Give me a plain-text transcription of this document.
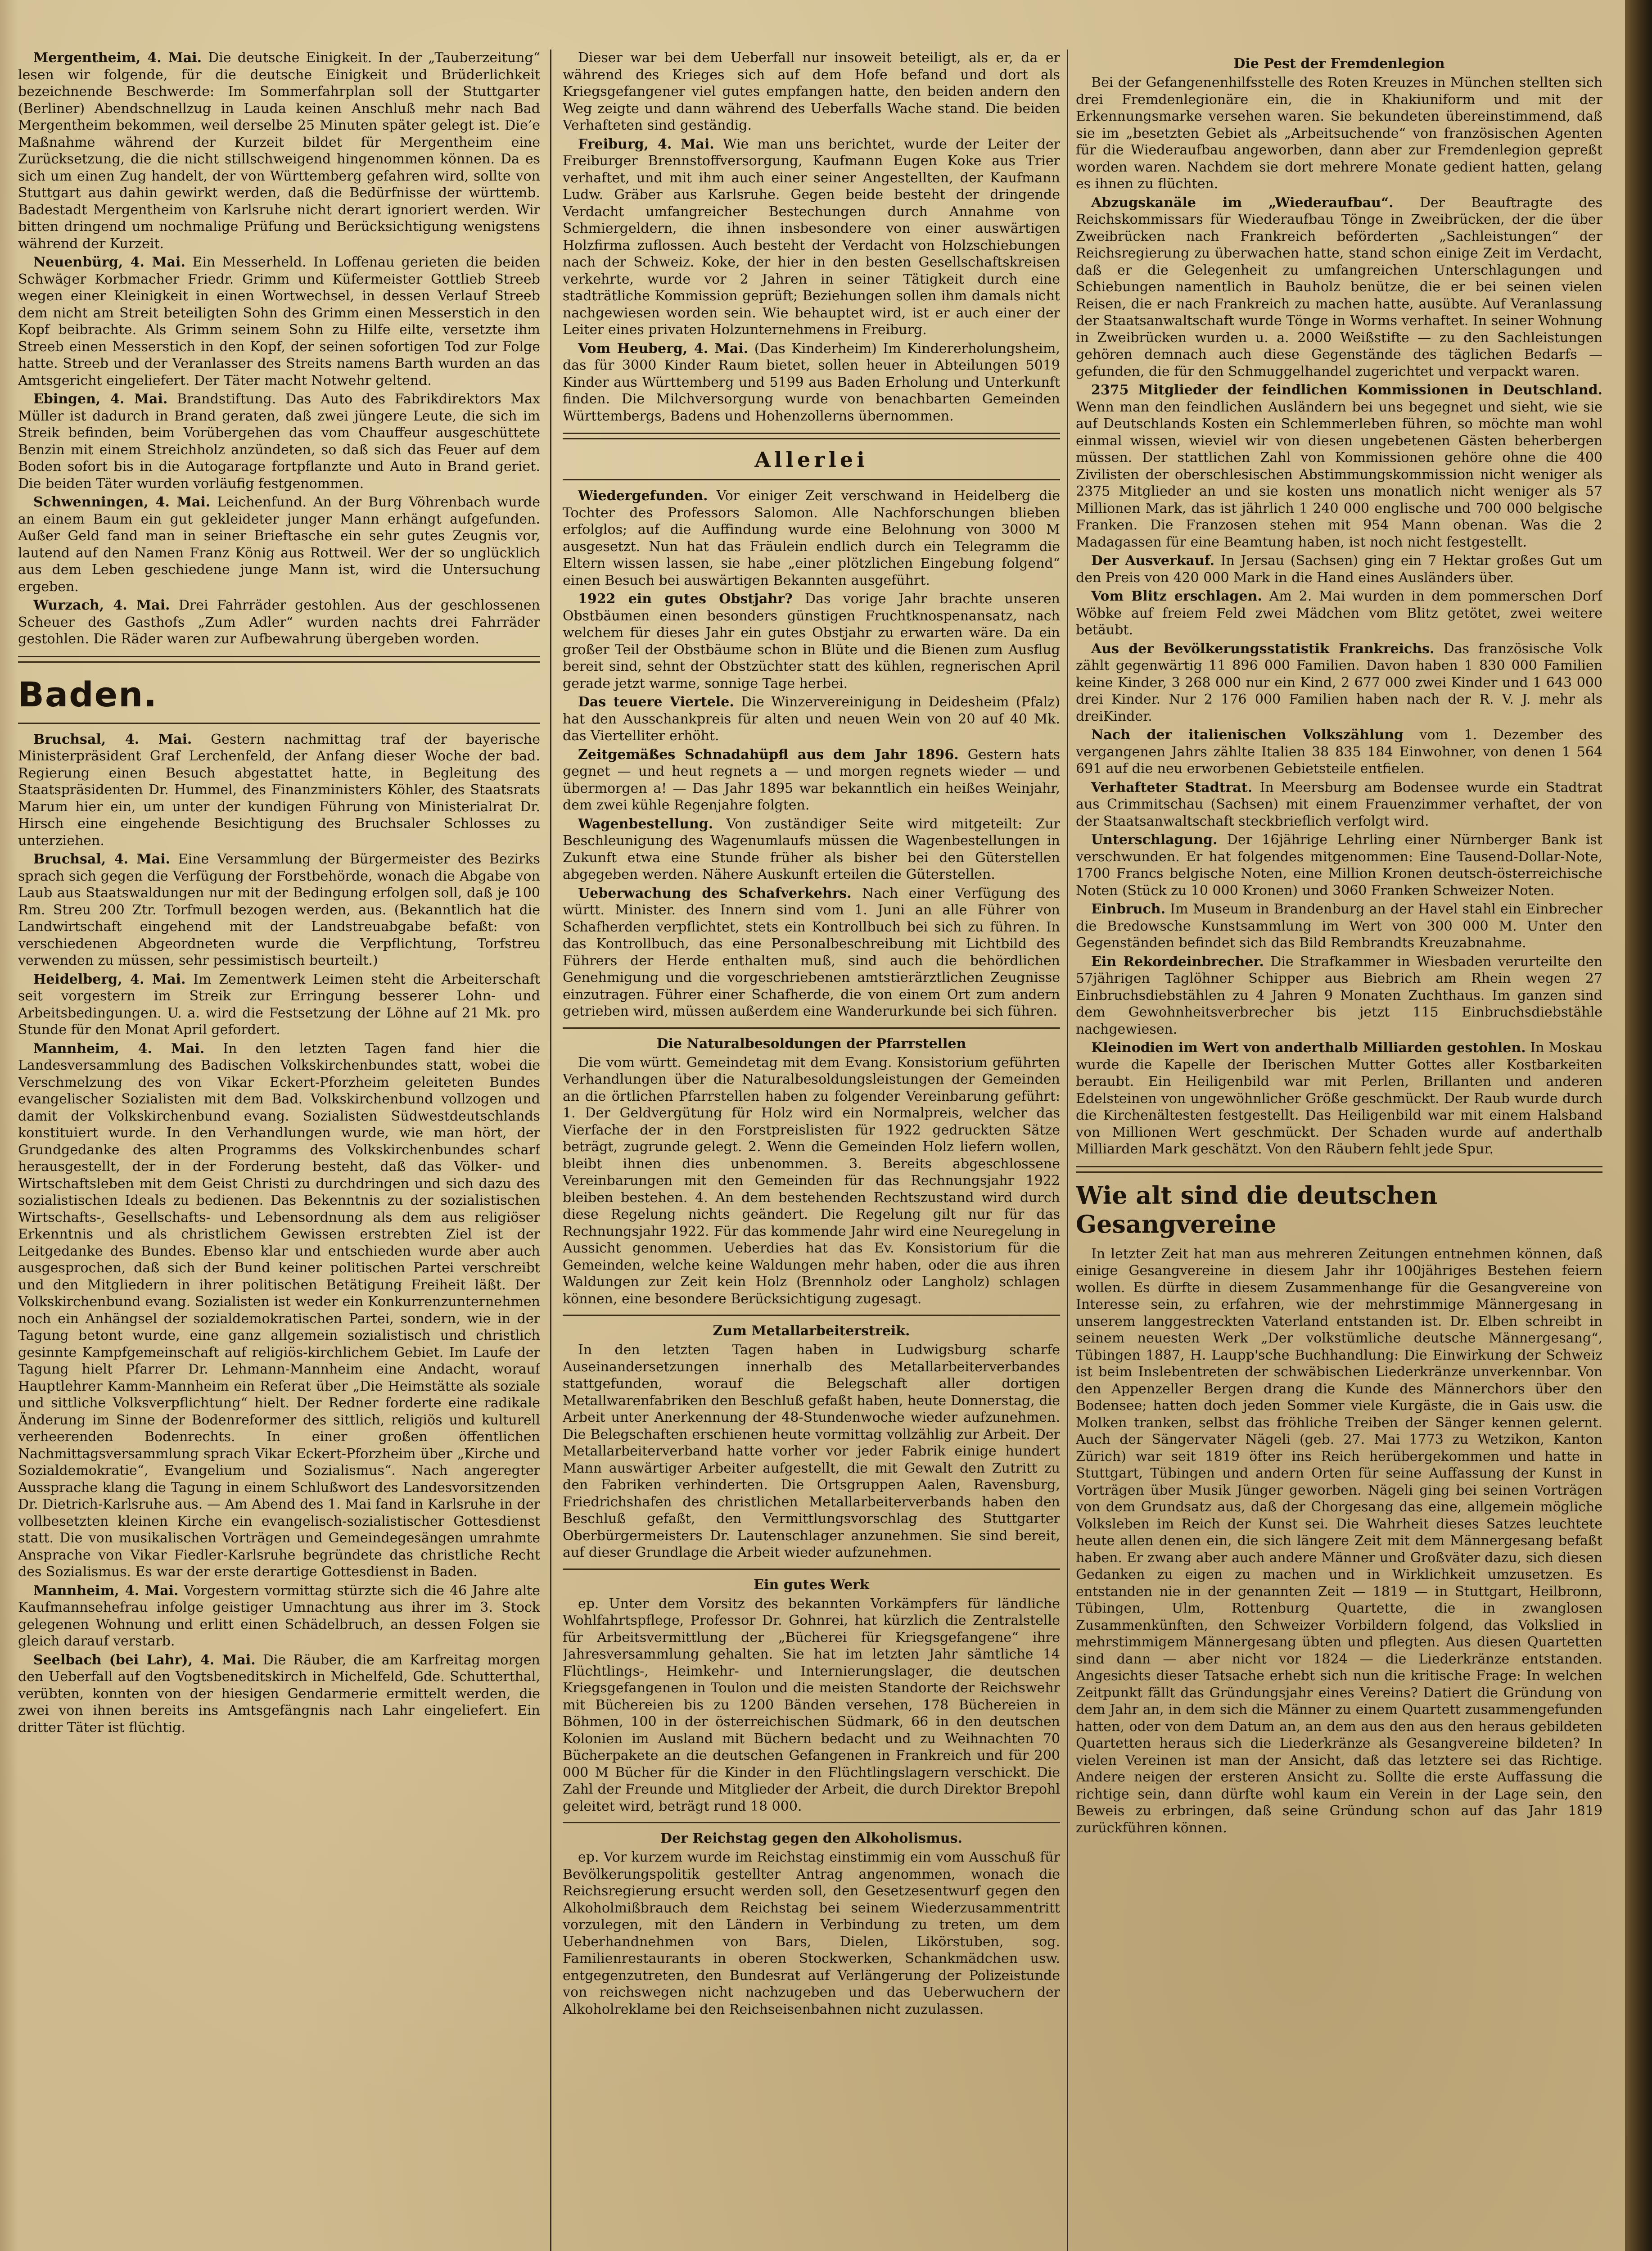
Mergentheim, 4. Mai. Die deutsche Einigkeit. In der „Tauberzeitung“ lesen wir folgende, für die deutsche Einigkeit und Brüderlichkeit bezeichnende Beschwerde: Im Sommerfahrplan soll der Stuttgarter (Berliner) Abendschnellzug in Lauda keinen Anschluß mehr nach Bad Mergentheim bekommen, weil derselbe 25 Minuten später gelegt ist. Die’e Maßnahme während der Kurzeit bildet für Mergentheim eine Zurücksetzung, die die nicht stillschweigend hingenommen können. Da es sich um einen Zug handelt, der von Württemberg gefahren wird, sollte von Stuttgart aus dahin gewirkt werden, daß die Bedürfnisse der württemb. Badestadt Mergentheim von Karlsruhe nicht derart ignoriert werden. Wir bitten dringend um nochmalige Prüfung und Berücksichtigung wenigstens während der Kurzeit.

Neuenbürg, 4. Mai. Ein Messerheld. In Loffenau gerieten die beiden Schwäger Korbmacher Friedr. Grimm und Küfermeister Gottlieb Streeb wegen einer Kleinigkeit in einen Wortwechsel, in dessen Verlauf Streeb dem nicht am Streit beteiligten Sohn des Grimm einen Messerstich in den Kopf beibrachte. Als Grimm seinem Sohn zu Hilfe eilte, versetzte ihm Streeb einen Messerstich in den Kopf, der seinen sofortigen Tod zur Folge hatte. Streeb und der Veranlasser des Streits namens Barth wurden an das Amtsgericht eingeliefert. Der Täter macht Notwehr geltend.

Ebingen, 4. Mai. Brandstiftung. Das Auto des Fabrikdirektors Max Müller ist dadurch in Brand geraten, daß zwei jüngere Leute, die sich im Streik befinden, beim Vorübergehen das vom Chauffeur ausgeschüttete Benzin mit einem Streichholz anzündeten, so daß sich das Feuer auf dem Boden sofort bis in die Autogarage fortpflanzte und Auto in Brand geriet. Die beiden Täter wurden vorläufig festgenommen.

Schwenningen, 4. Mai. Leichenfund. An der Burg Vöhrenbach wurde an einem Baum ein gut gekleideter junger Mann erhängt aufgefunden. Außer Geld fand man in seiner Brieftasche ein sehr gutes Zeugnis vor, lautend auf den Namen Franz König aus Rottweil. Wer der so unglücklich aus dem Leben geschiedene junge Mann ist, wird die Untersuchung ergeben.

Wurzach, 4. Mai. Drei Fahrräder gestohlen. Aus der geschlossenen Scheuer des Gasthofs „Zum Adler“ wurden nachts drei Fahrräder gestohlen. Die Räder waren zur Aufbewahrung übergeben worden.

Baden.

Bruchsal, 4. Mai. Gestern nachmittag traf der bayerische Ministerpräsident Graf Lerchenfeld, der Anfang dieser Woche der bad. Regierung einen Besuch abgestattet hatte, in Begleitung des Staatspräsidenten Dr. Hummel, des Finanzministers Köhler, des Staatsrats Marum hier ein, um unter der kundigen Führung von Ministerialrat Dr. Hirsch eine eingehende Besichtigung des Bruchsaler Schlosses zu unterziehen.

Bruchsal, 4. Mai. Eine Versammlung der Bürgermeister des Bezirks sprach sich gegen die Verfügung der Forstbehörde, wonach die Abgabe von Laub aus Staatswaldungen nur mit der Bedingung erfolgen soll, daß je 100 Rm. Streu 200 Ztr. Torfmull bezogen werden, aus. (Bekanntlich hat die Landwirtschaft eingehend mit der Landstreuabgabe befaßt: von verschiedenen Abgeordneten wurde die Verpflichtung, Torfstreu verwenden zu müssen, sehr pessimistisch beurteilt.)

Heidelberg, 4. Mai. Im Zementwerk Leimen steht die Arbeiterschaft seit vorgestern im Streik zur Erringung besserer Lohn- und Arbeitsbedingungen. U. a. wird die Festsetzung der Löhne auf 21 Mk. pro Stunde für den Monat April gefordert.

Mannheim, 4. Mai. In den letzten Tagen fand hier die Landesversammlung des Badischen Volkskirchenbundes statt, wobei die Verschmelzung des von Vikar Eckert-Pforzheim geleiteten Bundes evangelischer Sozialisten mit dem Bad. Volkskirchenbund vollzogen und damit der Volkskirchenbund evang. Sozialisten Südwestdeutschlands konstituiert wurde. In den Verhandlungen wurde, wie man hört, der Grundgedanke des alten Programms des Volkskirchenbundes scharf herausgestellt, der in der Forderung besteht, daß das Völker- und Wirtschaftsleben mit dem Geist Christi zu durchdringen und sich dazu des sozialistischen Ideals zu bedienen. Das Bekenntnis zu der sozialistischen Wirtschafts-, Gesellschafts- und Lebensordnung als dem aus religiöser Erkenntnis und als christlichem Gewissen erstrebten Ziel ist der Leitgedanke des Bundes. Ebenso klar und entschieden wurde aber auch ausgesprochen, daß sich der Bund keiner politischen Partei verschreibt und den Mitgliedern in ihrer politischen Betätigung Freiheit läßt. Der Volkskirchenbund evang. Sozialisten ist weder ein Konkurrenzunternehmen noch ein Anhängsel der sozialdemokratischen Partei, sondern, wie in der Tagung betont wurde, eine ganz allgemein sozialistisch und christlich gesinnte Kampfgemeinschaft auf religiös-kirchlichem Gebiet. Im Laufe der Tagung hielt Pfarrer Dr. Lehmann-Mannheim eine Andacht, worauf Hauptlehrer Kamm-Mannheim ein Referat über „Die Heimstätte als soziale und sittliche Volksverpflichtung“ hielt. Der Redner forderte eine radikale Änderung im Sinne der Bodenreformer des sittlich, religiös und kulturell verheerenden Bodenrechts. In einer großen öffentlichen Nachmittagsversammlung sprach Vikar Eckert-Pforzheim über „Kirche und Sozialdemokratie“, Evangelium und Sozialismus“. Nach angeregter Aussprache klang die Tagung in einem Schlußwort des Landesvorsitzenden Dr. Dietrich-Karlsruhe aus. — Am Abend des 1. Mai fand in Karlsruhe in der vollbesetzten kleinen Kirche ein evangelisch-sozialistischer Gottesdienst statt. Die von musikalischen Vorträgen und Gemeindegesängen umrahmte Ansprache von Vikar Fiedler-Karlsruhe begründete das christliche Recht des Sozialismus. Es war der erste derartige Gottesdienst in Baden.

Mannheim, 4. Mai. Vorgestern vormittag stürzte sich die 46 Jahre alte Kaufmannsehefrau infolge geistiger Umnachtung aus ihrer im 3. Stock gelegenen Wohnung und erlitt einen Schädelbruch, an dessen Folgen sie gleich darauf verstarb.

Seelbach (bei Lahr), 4. Mai. Die Räuber, die am Karfreitag morgen den Ueberfall auf den Vogtsbeneditskirch in Michelfeld, Gde. Schutterthal, verübten, konnten von der hiesigen Gendarmerie ermittelt werden, die zwei von ihnen bereits ins Amtsgefängnis nach Lahr eingeliefert. Ein dritter Täter ist flüchtig.

Dieser war bei dem Ueberfall nur insoweit beteiligt, als er, da er während des Krieges sich auf dem Hofe befand und dort als Kriegsgefangener viel gutes empfangen hatte, den beiden andern den Weg zeigte und dann während des Ueberfalls Wache stand. Die beiden Verhafteten sind geständig.

Freiburg, 4. Mai. Wie man uns berichtet, wurde der Leiter der Freiburger Brennstoffversorgung, Kaufmann Eugen Koke aus Trier verhaftet, und mit ihm auch einer seiner Angestellten, der Kaufmann Ludw. Gräber aus Karlsruhe. Gegen beide besteht der dringende Verdacht umfangreicher Bestechungen durch Annahme von Schmiergeldern, die ihnen insbesondere von einer auswärtigen Holzfirma zuflossen. Auch besteht der Verdacht von Holzschiebungen nach der Schweiz. Koke, der hier in den besten Gesellschaftskreisen verkehrte, wurde vor 2 Jahren in seiner Tätigkeit durch eine stadträtliche Kommission geprüft; Beziehungen sollen ihm damals nicht nachgewiesen worden sein. Wie behauptet wird, ist er auch einer der Leiter eines privaten Holzunternehmens in Freiburg.

Vom Heuberg, 4. Mai. (Das Kinderheim) Im Kindererholungsheim, das für 3000 Kinder Raum bietet, sollen heuer in Abteilungen 5019 Kinder aus Württemberg und 5199 aus Baden Erholung und Unterkunft finden. Die Milchversorgung wurde von benachbarten Gemeinden Württembergs, Badens und Hohenzollerns übernommen.

Allerlei

Wiedergefunden. Vor einiger Zeit verschwand in Heidelberg die Tochter des Professors Salomon. Alle Nachforschungen blieben erfolglos; auf die Auffindung wurde eine Belohnung von 3000 M ausgesetzt. Nun hat das Fräulein endlich durch ein Telegramm die Eltern wissen lassen, sie habe „einer plötzlichen Eingebung folgend“ einen Besuch bei auswärtigen Bekannten ausgeführt.

1922 ein gutes Obstjahr? Das vorige Jahr brachte unseren Obstbäumen einen besonders günstigen Fruchtknospenansatz, nach welchem für dieses Jahr ein gutes Obstjahr zu erwarten wäre. Da ein großer Teil der Obstbäume schon in Blüte und die Bienen zum Ausflug bereit sind, sehnt der Obstzüchter statt des kühlen, regnerischen April gerade jetzt warme, sonnige Tage herbei.

Das teuere Viertele. Die Winzervereinigung in Deidesheim (Pfalz) hat den Ausschankpreis für alten und neuen Wein von 20 auf 40 Mk. das Viertelliter erhöht.

Zeitgemäßes Schnadahüpfl aus dem Jahr 1896. Gestern hats gegnet — und heut regnets a — und morgen regnets wieder — und übermorgen a! — Das Jahr 1895 war bekanntlich ein heißes Weinjahr, dem zwei kühle Regenjahre folgten.

Wagenbestellung. Von zuständiger Seite wird mitgeteilt: Zur Beschleunigung des Wagenumlaufs müssen die Wagenbestellungen in Zukunft etwa eine Stunde früher als bisher bei den Güterstellen abgegeben werden. Nähere Auskunft erteilen die Güterstellen.

Ueberwachung des Schafverkehrs. Nach einer Verfügung des württ. Minister. des Innern sind vom 1. Juni an alle Führer von Schafherden verpflichtet, stets ein Kontrollbuch bei sich zu führen. In das Kontrollbuch, das eine Personalbeschreibung mit Lichtbild des Führers der Herde enthalten muß, sind auch die behördlichen Genehmigung und die vorgeschriebenen amtstierärztlichen Zeugnisse einzutragen. Führer einer Schafherde, die von einem Ort zum andern getrieben wird, müssen außerdem eine Wanderurkunde bei sich führen.

Die Naturalbesoldungen der Pfarrstellen

Die vom württ. Gemeindetag mit dem Evang. Konsistorium geführten Verhandlungen über die Naturalbesoldungsleistungen der Gemeinden an die örtlichen Pfarrstellen haben zu folgender Vereinbarung geführt: 1. Der Geldvergütung für Holz wird ein Normalpreis, welcher das Vierfache der in den Forstpreislisten für 1922 gedruckten Sätze beträgt, zugrunde gelegt. 2. Wenn die Gemeinden Holz liefern wollen, bleibt ihnen dies unbenommen. 3. Bereits abgeschlossene Vereinbarungen mit den Gemeinden für das Rechnungsjahr 1922 bleiben bestehen. 4. An dem bestehenden Rechtszustand wird durch diese Regelung nichts geändert. Die Regelung gilt nur für das Rechnungsjahr 1922. Für das kommende Jahr wird eine Neuregelung in Aussicht genommen. Ueberdies hat das Ev. Konsistorium für die Gemeinden, welche keine Waldungen mehr haben, oder die aus ihren Waldungen zur Zeit kein Holz (Brennholz oder Langholz) schlagen können, eine besondere Berücksichtigung zugesagt.

Zum Metallarbeiterstreik.

In den letzten Tagen haben in Ludwigsburg scharfe Auseinandersetzungen innerhalb des Metallarbeiterverbandes stattgefunden, worauf die Belegschaft aller dortigen Metallwarenfabriken den Beschluß gefaßt haben, heute Donnerstag, die Arbeit unter Anerkennung der 48-Stundenwoche wieder aufzunehmen. Die Belegschaften erschienen heute vormittag vollzählig zur Arbeit. Der Metallarbeiterverband hatte vorher vor jeder Fabrik einige hundert Mann auswärtiger Arbeiter aufgestellt, die mit Gewalt den Zutritt zu den Fabriken verhinderten. Die Ortsgruppen Aalen, Ravensburg, Friedrichshafen des christlichen Metallarbeiterverbands haben den Beschluß gefaßt, den Vermittlungsvorschlag des Stuttgarter Oberbürgermeisters Dr. Lautenschlager anzunehmen. Sie sind bereit, auf dieser Grundlage die Arbeit wieder aufzunehmen.

Ein gutes Werk

ep. Unter dem Vorsitz des bekannten Vorkämpfers für ländliche Wohlfahrtspflege, Professor Dr. Gohnrei, hat kürzlich die Zentralstelle für Arbeitsvermittlung der „Bücherei für Kriegsgefangene“ ihre Jahresversammlung gehalten. Sie hat im letzten Jahr sämtliche 14 Flüchtlings-, Heimkehr- und Internierungslager, die deutschen Kriegsgefangenen in Toulon und die meisten Standorte der Reichswehr mit Büchereien bis zu 1200 Bänden versehen, 178 Büchereien in Böhmen, 100 in der österreichischen Südmark, 66 in den deutschen Kolonien im Ausland mit Büchern bedacht und zu Weihnachten 70 Bücherpakete an die deutschen Gefangenen in Frankreich und für 200 000 M Bücher für die Kinder in den Flüchtlingslagern verschickt. Die Zahl der Freunde und Mitglieder der Arbeit, die durch Direktor Brepohl geleitet wird, beträgt rund 18 000.

Der Reichstag gegen den Alkoholismus.

ep. Vor kurzem wurde im Reichstag einstimmig ein vom Ausschuß für Bevölkerungspolitik gestellter Antrag angenommen, wonach die Reichsregierung ersucht werden soll, den Gesetzesentwurf gegen den Alkoholmißbrauch dem Reichstag bei seinem Wiederzusammentritt vorzulegen, mit den Ländern in Verbindung zu treten, um dem Ueberhandnehmen von Bars, Dielen, Likörstuben, sog. Familienrestaurants in oberen Stockwerken, Schankmädchen usw. entgegenzutreten, den Bundesrat auf Verlängerung der Polizeistunde von reichswegen nicht nachzugeben und das Ueberwuchern der Alkoholreklame bei den Reichseisenbahnen nicht zuzulassen.

Die Pest der Fremdenlegion

Bei der Gefangenenhilfsstelle des Roten Kreuzes in München stellten sich drei Fremdenlegionäre ein, die in Khakiuniform und mit der Erkennungsmarke versehen waren. Sie bekundeten übereinstimmend, daß sie im „besetzten Gebiet als „Arbeitsuchende“ von französischen Agenten für die Wiederaufbau angeworben, dann aber zur Fremdenlegion gepreßt worden waren. Nachdem sie dort mehrere Monate gedient hatten, gelang es ihnen zu flüchten.

Abzugskanäle im „Wiederaufbau“. Der Beauftragte des Reichskommissars für Wiederaufbau Tönge in Zweibrücken, der die über Zweibrücken nach Frankreich beförderten „Sachleistungen“ der Reichsregierung zu überwachen hatte, stand schon einige Zeit im Verdacht, daß er die Gelegenheit zu umfangreichen Unterschlagungen und Schiebungen namentlich in Bauholz benütze, die er bei seinen vielen Reisen, die er nach Frankreich zu machen hatte, ausübte. Auf Veranlassung der Staatsanwaltschaft wurde Tönge in Worms verhaftet. In seiner Wohnung in Zweibrücken wurden u. a. 2000 Weißstifte — zu den Sachleistungen gehören demnach auch diese Gegenstände des täglichen Bedarfs — gefunden, die für den Schmuggelhandel zugerichtet und verpackt waren.

2375 Mitglieder der feindlichen Kommissionen in Deutschland. Wenn man den feindlichen Ausländern bei uns begegnet und sieht, wie sie auf Deutschlands Kosten ein Schlemmerleben führen, so möchte man wohl einmal wissen, wieviel wir von diesen ungebetenen Gästen beherbergen müssen. Der stattlichen Zahl von Kommissionen gehöre ohne die 400 Zivilisten der oberschlesischen Abstimmungskommission nicht weniger als 2375 Mitglieder an und sie kosten uns monatlich nicht weniger als 57 Millionen Mark, das ist jährlich 1 240 000 englische und 700 000 belgische Franken. Die Franzosen stehen mit 954 Mann obenan. Was die 2 Madagassen für eine Beamtung haben, ist noch nicht festgestellt.

Der Ausverkauf. In Jersau (Sachsen) ging ein 7 Hektar großes Gut um den Preis von 420 000 Mark in die Hand eines Ausländers über.

Vom Blitz erschlagen. Am 2. Mai wurden in dem pommerschen Dorf Wöbke auf freiem Feld zwei Mädchen vom Blitz getötet, zwei weitere betäubt.

Aus der Bevölkerungsstatistik Frankreichs. Das französische Volk zählt gegenwärtig 11 896 000 Familien. Davon haben 1 830 000 Familien keine Kinder, 3 268 000 nur ein Kind, 2 677 000 zwei Kinder und 1 643 000 drei Kinder. Nur 2 176 000 Familien haben nach der R. V. J. mehr als dreiKinder.

Nach der italienischen Volkszählung vom 1. Dezember des vergangenen Jahrs zählte Italien 38 835 184 Einwohner, von denen 1 564 691 auf die neu erworbenen Gebietsteile entfielen.

Verhafteter Stadtrat. In Meersburg am Bodensee wurde ein Stadtrat aus Crimmitschau (Sachsen) mit einem Frauenzimmer verhaftet, der von der Staatsanwaltschaft steckbrieflich verfolgt wird.

Unterschlagung. Der 16jährige Lehrling einer Nürnberger Bank ist verschwunden. Er hat folgendes mitgenommen: Eine Tausend-Dollar-Note, 1700 Francs belgische Noten, eine Million Kronen deutsch-österreichische Noten (Stück zu 10 000 Kronen) und 3060 Franken Schweizer Noten.

Einbruch. Im Museum in Brandenburg an der Havel stahl ein Einbrecher die Bredowsche Kunstsammlung im Wert von 300 000 M. Unter den Gegenständen befindet sich das Bild Rembrandts Kreuzabnahme.

Ein Rekordeinbrecher. Die Strafkammer in Wiesbaden verurteilte den 57jährigen Taglöhner Schipper aus Biebrich am Rhein wegen 27 Einbruchsdiebstählen zu 4 Jahren 9 Monaten Zuchthaus. Im ganzen sind dem Gewohnheitsverbrecher bis jetzt 115 Einbruchsdiebstähle nachgewiesen.

Kleinodien im Wert von anderthalb Milliarden gestohlen. In Moskau wurde die Kapelle der Iberischen Mutter Gottes aller Kostbarkeiten beraubt. Ein Heiligenbild war mit Perlen, Brillanten und anderen Edelsteinen von ungewöhnlicher Größe geschmückt. Der Raub wurde durch die Kirchenältesten festgestellt. Das Heiligenbild war mit einem Halsband von Millionen Wert geschmückt. Der Schaden wurde auf anderthalb Milliarden Mark geschätzt. Von den Räubern fehlt jede Spur.

Wie alt sind die deutschen Gesangvereine

In letzter Zeit hat man aus mehreren Zeitungen entnehmen können, daß einige Gesangvereine in diesem Jahr ihr 100jähriges Bestehen feiern wollen. Es dürfte in diesem Zusammenhange für die Gesangvereine von Interesse sein, zu erfahren, wie der mehrstimmige Männergesang in unserem langgestreckten Vaterland entstanden ist. Dr. Elben schreibt in seinem neuesten Werk „Der volkstümliche deutsche Männergesang“, Tübingen 1887, H. Laupp'sche Buchhandlung: Die Einwirkung der Schweiz ist beim Inslebentreten der schwäbischen Liederkränze unverkennbar. Von den Appenzeller Bergen drang die Kunde des Männerchors über den Bodensee; hatten doch jeden Sommer viele Kurgäste, die in Gais usw. die Molken tranken, selbst das fröhliche Treiben der Sänger kennen gelernt. Auch der Sängervater Nägeli (geb. 27. Mai 1773 zu Wetzikon, Kanton Zürich) war seit 1819 öfter ins Reich herübergekommen und hatte in Stuttgart, Tübingen und andern Orten für seine Auffassung der Kunst in Vorträgen über Musik Jünger geworben. Nägeli ging bei seinen Vorträgen von dem Grundsatz aus, daß der Chorgesang das eine, allgemein mögliche Volksleben im Reich der Kunst sei. Die Wahrheit dieses Satzes leuchtete heute allen denen ein, die sich längere Zeit mit dem Männergesang befaßt haben. Er zwang aber auch andere Männer und Großväter dazu, sich diesen Gedanken zu eigen zu machen und in Wirklichkeit umzusetzen. Es entstanden nie in der genannten Zeit — 1819 — in Stuttgart, Heilbronn, Tübingen, Ulm, Rottenburg Quartette, die in zwanglosen Zusammenkünften, den Schweizer Vorbildern folgend, das Volkslied in mehrstimmigem Männergesang übten und pflegten. Aus diesen Quartetten sind dann — aber nicht vor 1824 — die Liederkränze entstanden. Angesichts dieser Tatsache erhebt sich nun die kritische Frage: In welchen Zeitpunkt fällt das Gründungsjahr eines Vereins? Datiert die Gründung von dem Jahr an, in dem sich die Männer zu einem Quartett zusammengefunden hatten, oder von dem Datum an, an dem aus den aus den heraus gebildeten Quartetten heraus sich die Liederkränze als Gesangvereine bildeten? In vielen Vereinen ist man der Ansicht, daß das letztere sei das Richtige. Andere neigen der ersteren Ansicht zu. Sollte die erste Auffassung die richtige sein, dann dürfte wohl kaum ein Verein in der Lage sein, den Beweis zu erbringen, daß seine Gründung schon auf das Jahr 1819 zurückführen können.
